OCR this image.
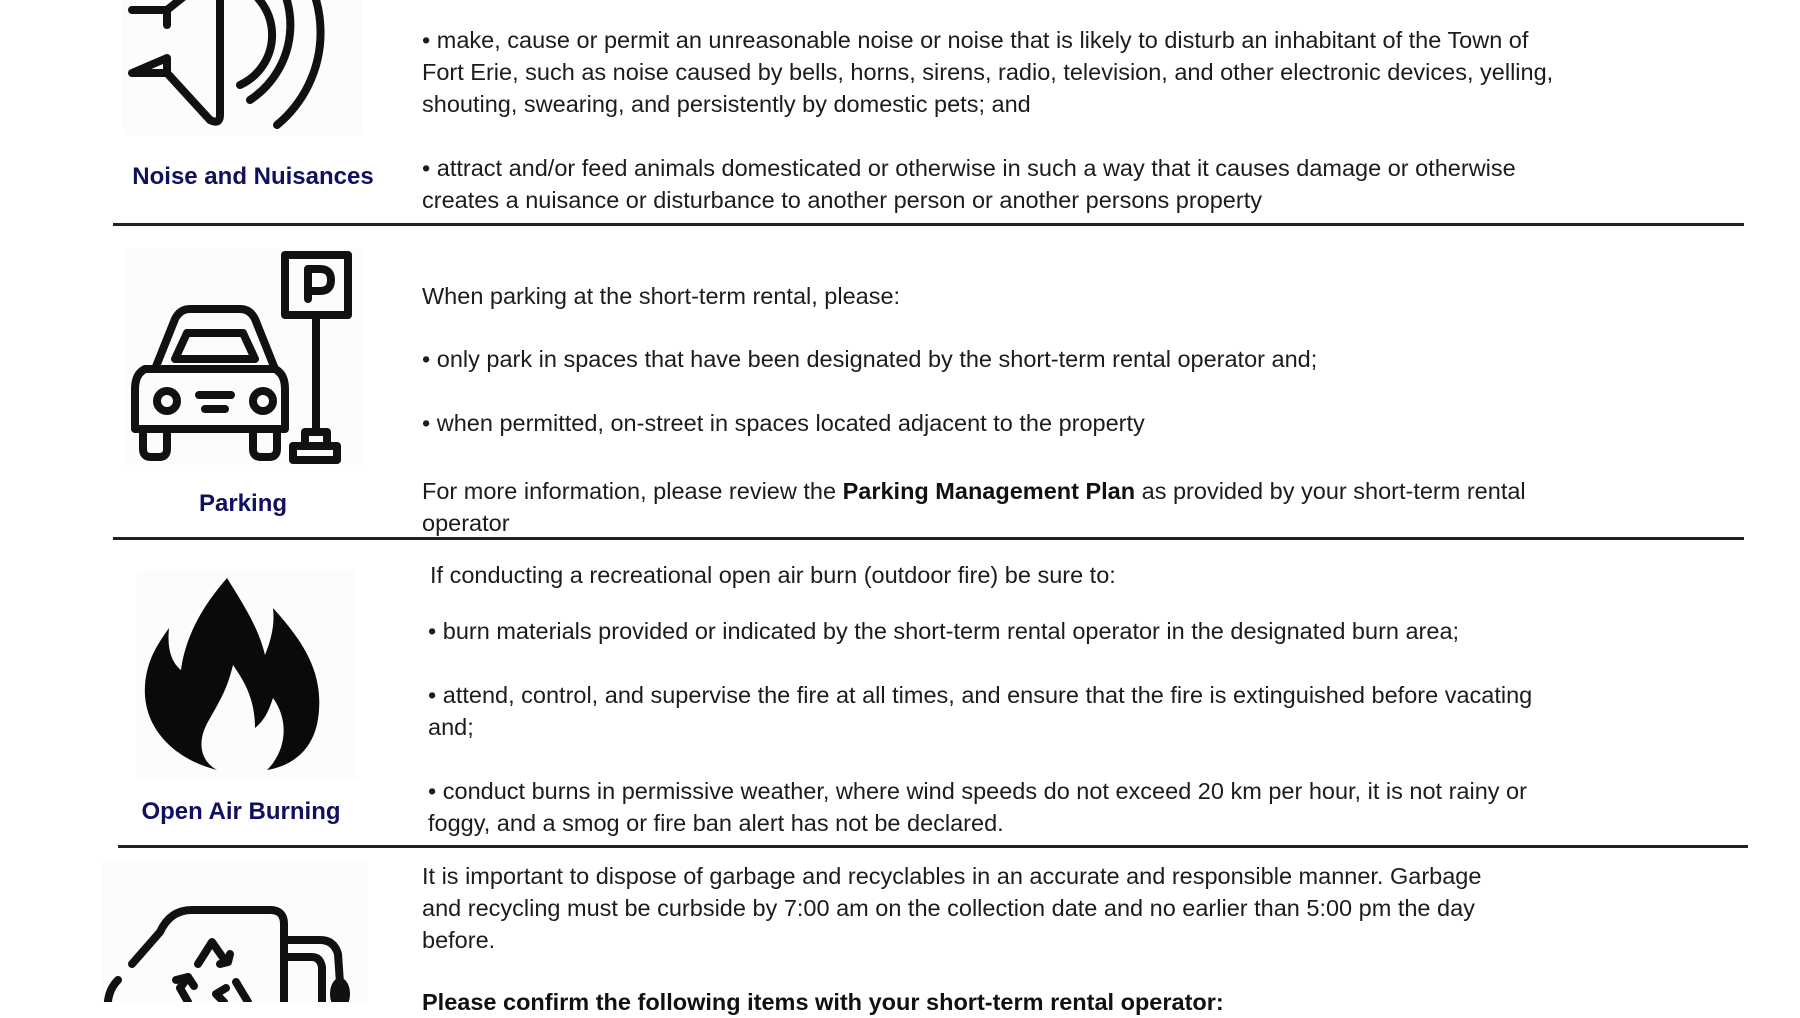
Noise and Nuisances
• make, cause or permit an unreasonable noise or noise that is likely to disturb an inhabitant of the Town of
Fort Erie, such as noise caused by bells, horns, sirens, radio, television, and other electronic devices, yelling,
shouting, swearing, and persistently by domestic pets; and
• attract and/or feed animals domesticated or otherwise in such a way that it causes damage or otherwise
creates a nuisance or disturbance to another person or another persons property
Parking
When parking at the short-term rental, please:
• only park in spaces that have been designated by the short-term rental operator and;
• when permitted, on-street in spaces located adjacent to the property
For more information, please review the Parking Management Plan as provided by your short-term rental
operator
Open Air Burning
If conducting a recreational open air burn (outdoor fire) be sure to:
• burn materials provided or indicated by the short-term rental operator in the designated burn area;
• attend, control, and supervise the fire at all times, and ensure that the fire is extinguished before vacating
and;
• conduct burns in permissive weather, where wind speeds do not exceed 20 km per hour, it is not rainy or
foggy, and a smog or fire ban alert has not be declared.
It is important to dispose of garbage and recyclables in an accurate and responsible manner. Garbage
and recycling must be curbside by 7:00 am on the collection date and no earlier than 5:00 pm the day
before.
Please confirm the following items with your short-term rental operator:
